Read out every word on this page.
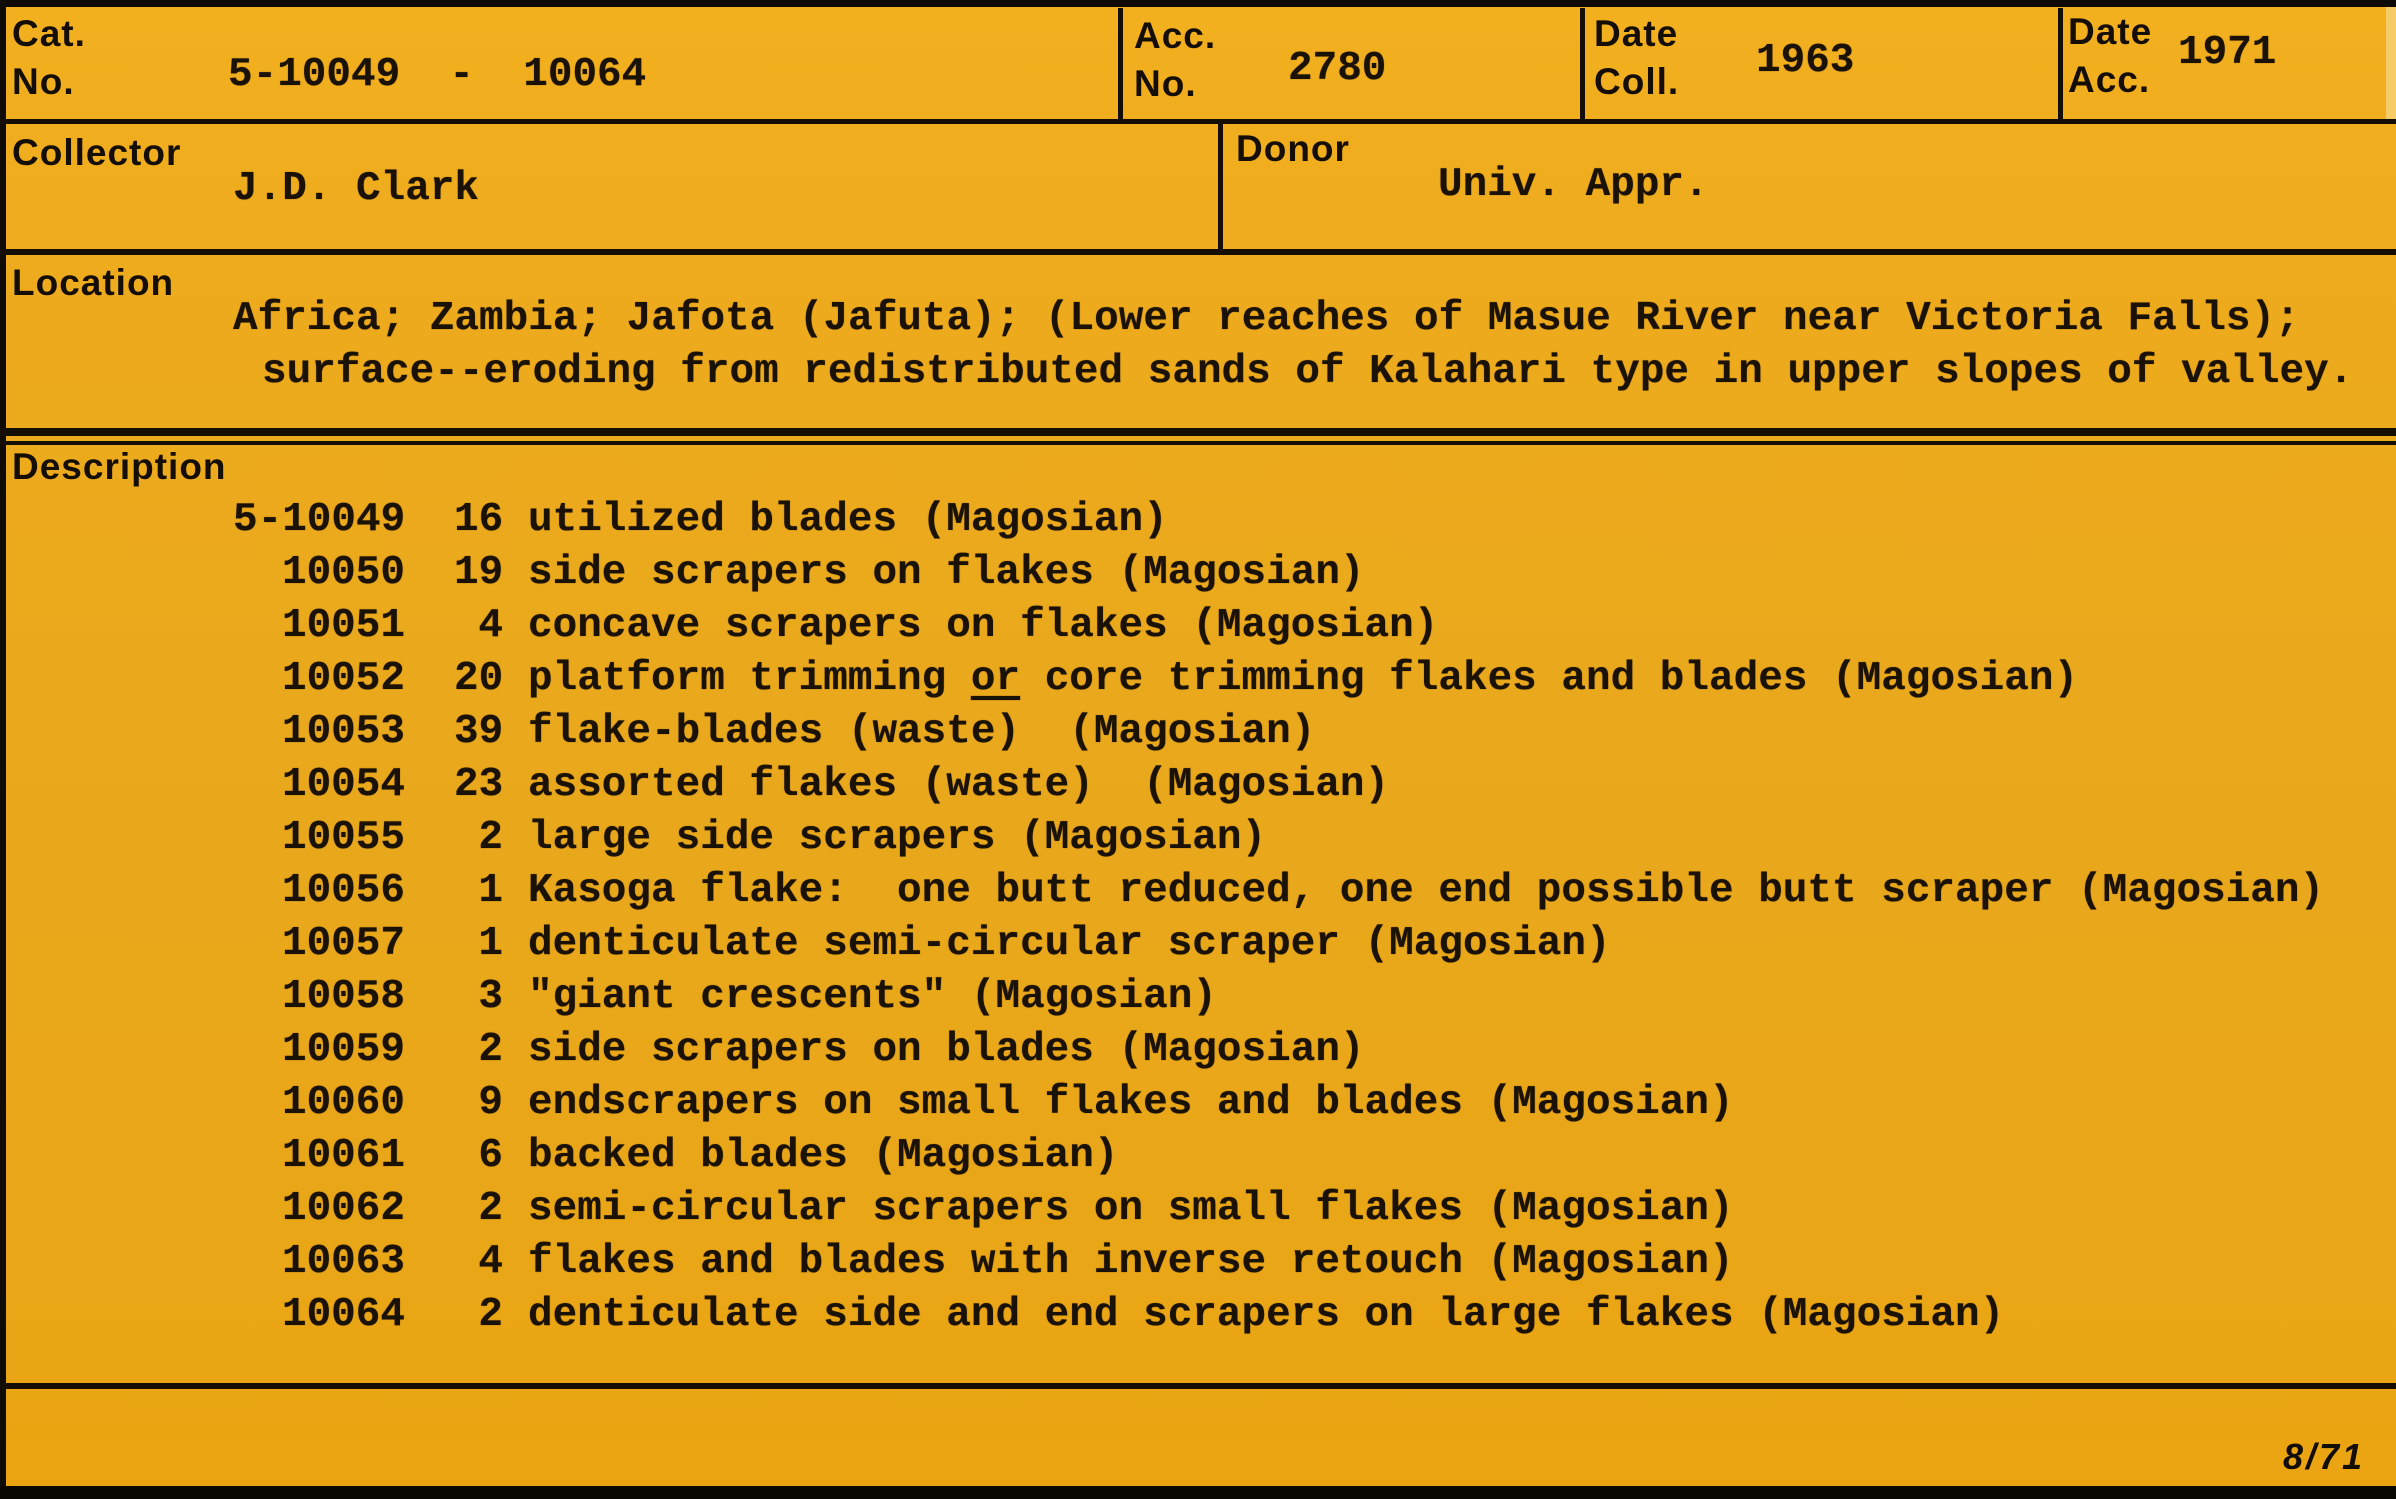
Cat.
No.	5-10049  -  10064
Acc.
No.	2780
Date
Coll. 1963
Date
Acc.
1971
Collector
J.D. Clark
Donor
Univ. Appr.
Location
Africa; Zambia; Jafota (Jafuta); (Lower reaches of Masue River near Victoria Falls);
surface--eroding from redistributed sands of Kalahari type in upper slopes of valley.
Description
5-10049 16 utilized blades (Magosian)
10050 19 side scrapers on flakes (Magosian)
10051	4 concave scrapers on flakes (Magosian)
10052 20 platform trimming or core trimming flakes and blades (Magosian)
10053 39 flake-blades (waste)  (Magosian)
10054 23 assorted flakes (waste)  (Magosian)
10055	2 large side scrapers (Magosian)
10056	1 Kasoga flake:  one butt reduced, one end possible butt scraper (Magosian)
10057	1 denticulate semi-circular scraper (Magosian)
10058	3 "giant crescents" (Magosian)
10059	2 side scrapers on blades (Magosian)
10060	9 endscrapers on small flakes and blades (Magosian)
10061	6 backed blades (Magosian)
10062	2 semi-circular scrapers on small flakes (Magosian)
10063	4 flakes and blades with inverse retouch (Magosian)
10064	2 denticulate side and end scrapers on large flakes (Magosian)
8/71
